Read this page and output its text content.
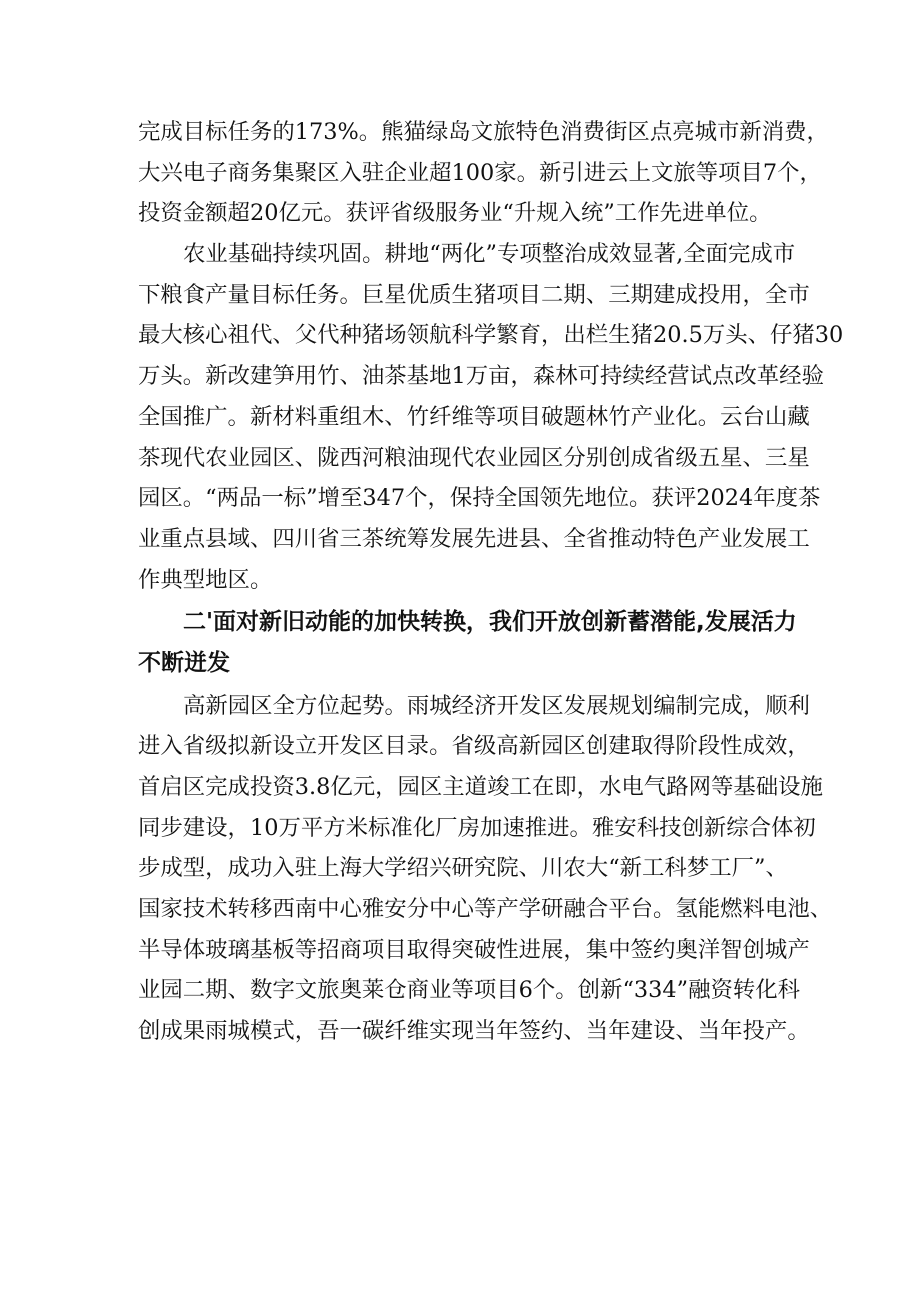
完成目标任务的173%。熊猫绿岛文旅特色消费街区点亮城市新消费，
大兴电子商务集聚区入驻企业超100家。新引进云上文旅等项目7个，
投资金额超20亿元。获评省级服务业“升规入统”工作先进单位。
农业基础持续巩固。耕地“两化”专项整治成效显著,全面完成市
下粮食产量目标任务。巨星优质生猪项目二期、三期建成投用，全市
最大核心祖代、父代种猪场领航科学繁育，出栏生猪20.5万头、仔猪30
万头。新改建笋用竹、油茶基地1万亩，森林可持续经营试点改革经验
全国推广。新材料重组木、竹纤维等项目破题林竹产业化。云台山藏
茶现代农业园区、陇西河粮油现代农业园区分别创成省级五星、三星
园区。“两品一标”增至347个，保持全国领先地位。获评2024年度茶
业重点县域、四川省三茶统筹发展先进县、全省推动特色产业发展工
作典型地区。
二'面对新旧动能的加快转换，我们开放创新蓄潜能,发展活力
不断迸发
高新园区全方位起势。雨城经济开发区发展规划编制完成，顺利
进入省级拟新设立开发区目录。省级高新园区创建取得阶段性成效，
首启区完成投资3.8亿元，园区主道竣工在即，水电气路网等基础设施
同步建设，10万平方米标准化厂房加速推进。雅安科技创新综合体初
步成型，成功入驻上海大学绍兴研究院、川农大“新工科梦工厂”、
国家技术转移西南中心雅安分中心等产学研融合平台。氢能燃料电池、
半导体玻璃基板等招商项目取得突破性进展，集中签约奥洋智创城产
业园二期、数字文旅奥莱仓商业等项目6个。创新“334”融资转化科
创成果雨城模式，吾一碳纤维实现当年签约、当年建设、当年投产。
